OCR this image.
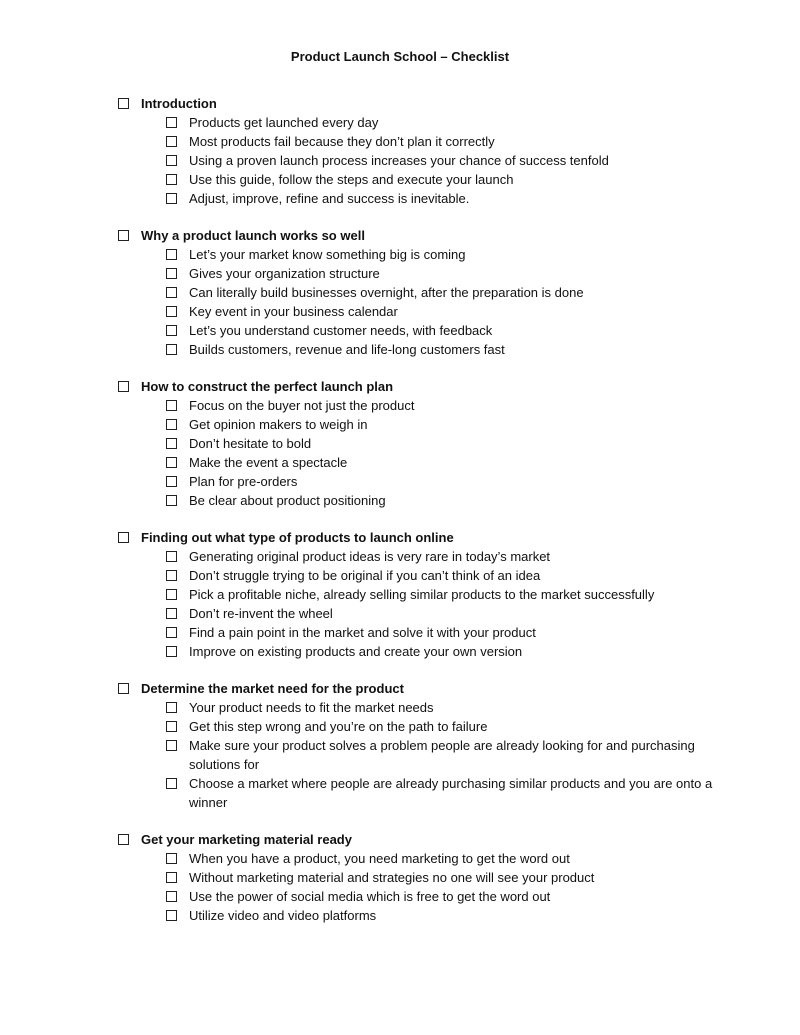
Product Launch School – Checklist
Introduction
Products get launched every day
Most products fail because they don’t plan it correctly
Using a proven launch process increases your chance of success tenfold
Use this guide, follow the steps and execute your launch
Adjust, improve, refine and success is inevitable.
Why a product launch works so well
Let’s your market know something big is coming
Gives your organization structure
Can literally build businesses overnight, after the preparation is done
Key event in your business calendar
Let’s you understand customer needs, with feedback
Builds customers, revenue and life-long customers fast
How to construct the perfect launch plan
Focus on the buyer not just the product
Get opinion makers to weigh in
Don’t hesitate to bold
Make the event a spectacle
Plan for pre-orders
Be clear about product positioning
Finding out what type of products to launch online
Generating original product ideas is very rare in today’s market
Don’t struggle trying to be original if you can’t think of an idea
Pick a profitable niche, already selling similar products to the market successfully
Don’t re-invent the wheel
Find a pain point in the market and solve it with your product
Improve on existing products and create your own version
Determine the market need for the product
Your product needs to fit the market needs
Get this step wrong and you’re on the path to failure
Make sure your product solves a problem people are already looking for and purchasing solutions for
Choose a market where people are already purchasing similar products and you are onto a winner
Get your marketing material ready
When you have a product, you need marketing to get the word out
Without marketing material and strategies no one will see your product
Use the power of social media which is free to get the word out
Utilize video and video platforms
